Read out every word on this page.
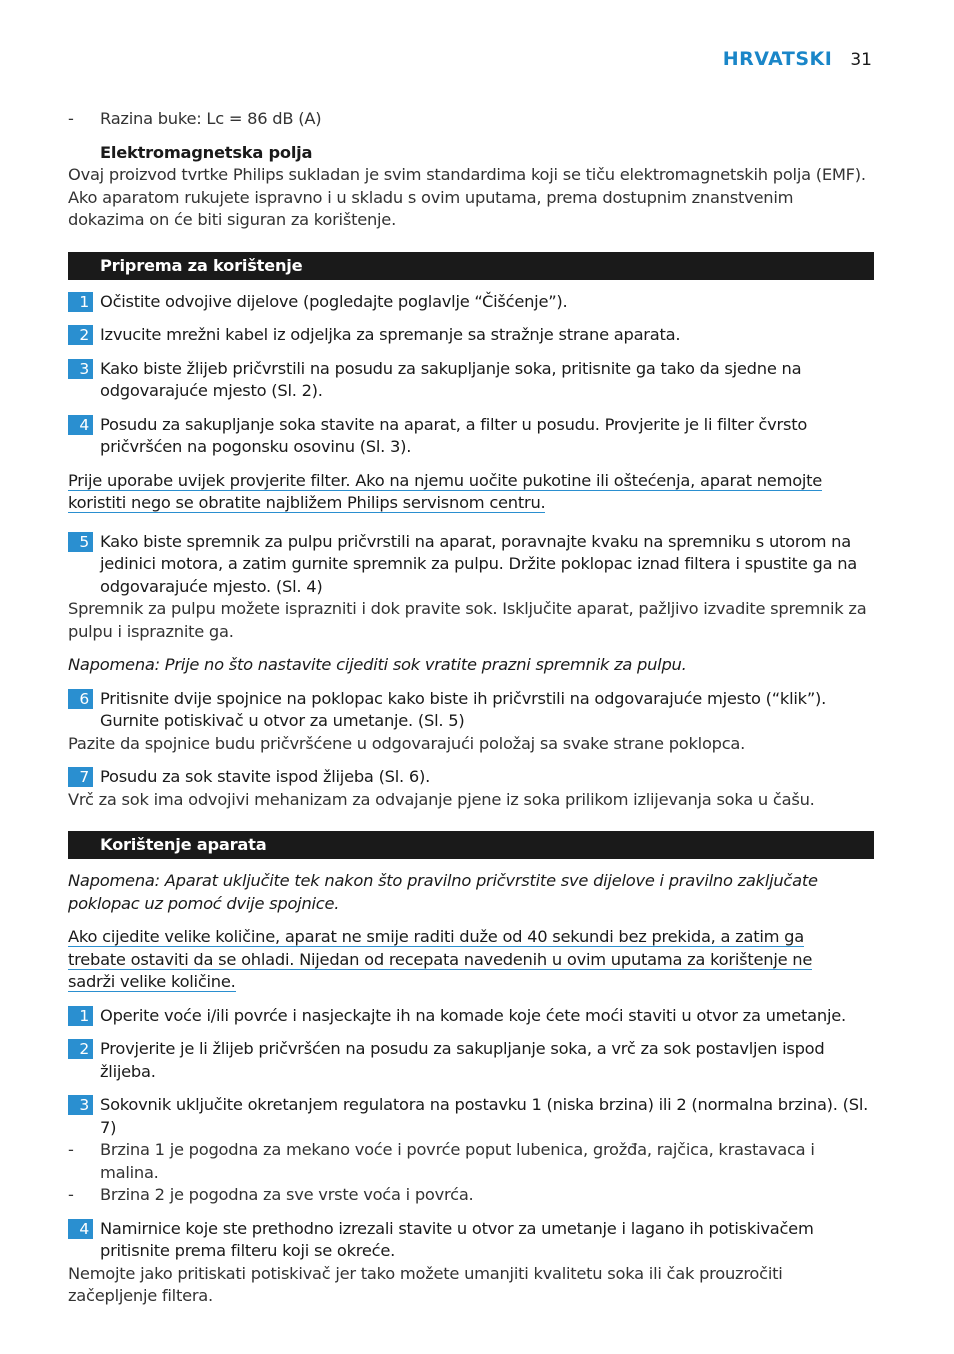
HRVATSKI 31

- Razina buke: Lc = 86 dB (A)

Elektromagnetska polja

Ovaj proizvod tvrtke Philips sukladan je svim standardima koji se tiču elektromagnetskih polja (EMF). Ako aparatom rukujete ispravno i u skladu s ovim uputama, prema dostupnim znanstvenim dokazima on će biti siguran za korištenje.

Priprema za korištenje
1 Očistite odvojive dijelove (pogledajte poglavlje “Čišćenje”).
2 Izvucite mrežni kabel iz odjeljka za spremanje sa stražnje strane aparata.
3 Kako biste žlijeb pričvrstili na posudu za sakupljanje soka, pritisnite ga tako da sjedne na odgovarajuće mjesto (Sl. 2).
4 Posudu za sakupljanje soka stavite na aparat, a filter u posudu. Provjerite je li filter čvrsto pričvršćen na pogonsku osovinu (Sl. 3).
Prije uporabe uvijek provjerite filter. Ako na njemu uočite pukotine ili oštećenja, aparat nemojte
koristiti nego se obratite najbližem Philips servisnom centru.
5 Kako biste spremnik za pulpu pričvrstili na aparat, poravnajte kvaku na spremniku s utorom na jedinici motora, a zatim gurnite spremnik za pulpu. Držite poklopac iznad filtera i spustite ga na odgovarajuće mjesto. (Sl. 4)

Spremnik za pulpu možete isprazniti i dok pravite sok. Isključite aparat, pažljivo izvadite spremnik za pulpu i ispraznite ga.

Napomena: Prije no što nastavite cijediti sok vratite prazni spremnik za pulpu.

6 Pritisnite dvije spojnice na poklopac kako biste ih pričvrstili na odgovarajuće mjesto (“klik”). Gurnite potiskivač u otvor za umetanje. (Sl. 5)

Pazite da spojnice budu pričvršćene u odgovarajući položaj sa svake strane poklopca.

7 Posudu za sok stavite ispod žlijeba (Sl. 6).

Vrč za sok ima odvojivi mehanizam za odvajanje pjene iz soka prilikom izlijevanja soka u čašu.

Korištenje aparata

Napomena: Aparat uključite tek nakon što pravilno pričvrstite sve dijelove i pravilno zaključate poklopac uz pomoć dvije spojnice.

Ako cijedite velike količine, aparat ne smije raditi duže od 40 sekundi bez prekida, a zatim ga
trebate ostaviti da se ohladi. Nijedan od recepata navedenih u ovim uputama za korištenje ne
sadrži velike količine.
1 Operite voće i/ili povrće i nasjeckajte ih na komade koje ćete moći staviti u otvor za umetanje.
2 Provjerite je li žlijeb pričvršćen na posudu za sakupljanje soka, a vrč za sok postavljen ispod žlijeba.
3 Sokovnik uključite okretanjem regulatora na postavku 1 (niska brzina) ili 2 (normalna brzina). (Sl. 7)

- Brzina 1 je pogodna za mekano voće i povrće poput lubenica, grožđa, rajčica, krastavaca i malina.

- Brzina 2 je pogodna za sve vrste voća i povrća.

4 Namirnice koje ste prethodno izrezali stavite u otvor za umetanje i lagano ih potiskivačem pritisnite prema filteru koji se okreće.

Nemojte jako pritiskati potiskivač jer tako možete umanjiti kvalitetu soka ili čak prouzročiti začepljenje filtera.
